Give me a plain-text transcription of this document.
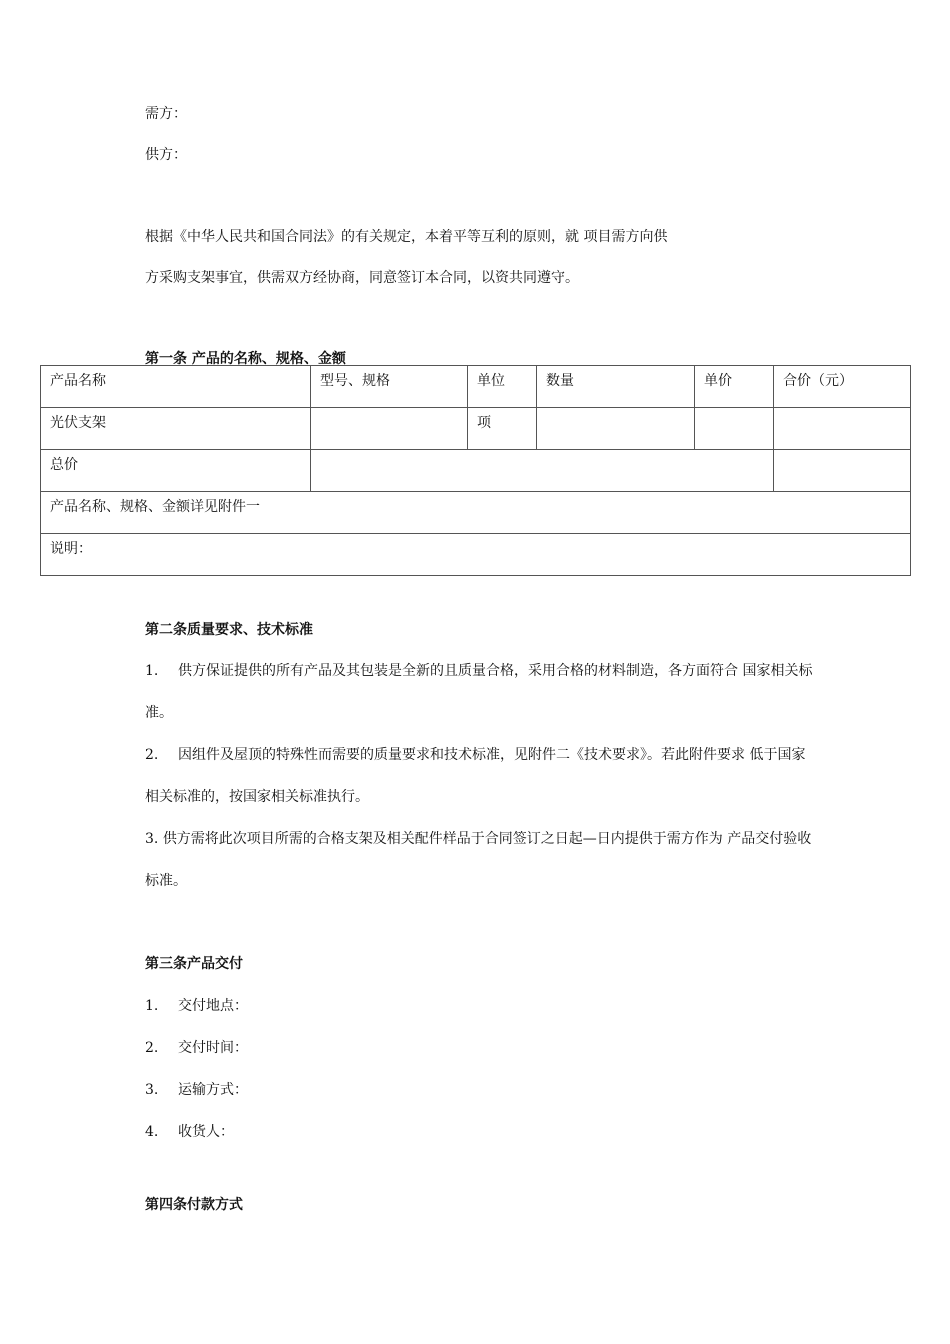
需方：
供方：
根据《中华人民共和国合同法》的有关规定，本着平等互利的原则，就 项目需方向供
方采购支架事宜，供需双方经协商，同意签订本合同，以资共同遵守。
第一条 产品的名称、规格、金额
产品名称	型号、规格	单位	数量	单价	合价（元）
光伏支架		项			
总价					
产品名称、规格、金额详见附件一					
说明：					
第二条质量要求、技术标准
1. 供方保证提供的所有产品及其包装是全新的且质量合格，采用合格的材料制造，各方面符合 国家相关标
准。
2. 因组件及屋顶的特殊性而需要的质量要求和技术标准，见附件二《技术要求》。若此附件要求 低于国家
相关标准的，按国家相关标准执行。
3. 供方需将此次项目所需的合格支架及相关配件样品于合同签订之日起—日内提供于需方作为 产品交付验收
标准。
第三条产品交付
1. 交付地点：
2. 交付时间：
3. 运输方式：
4. 收货人：
第四条付款方式
